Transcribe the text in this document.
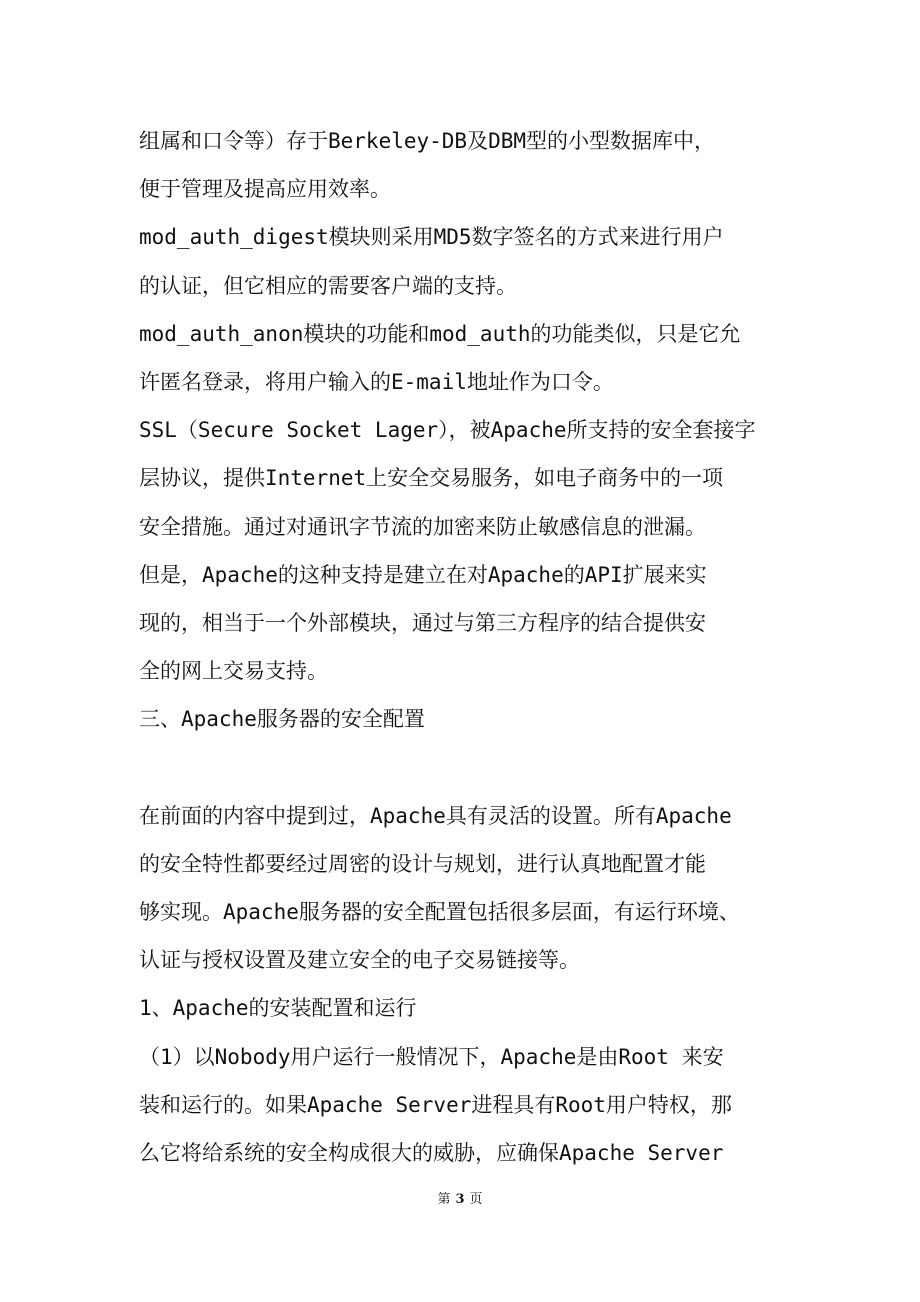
组属和口令等）存于Berkeley-DB及DBM型的小型数据库中，
便于管理及提高应用效率。
mod_auth_digest模块则采用MD5数字签名的方式来进行用户
的认证，但它相应的需要客户端的支持。
mod_auth_anon模块的功能和mod_auth的功能类似，只是它允
许匿名登录，将用户输入的E-mail地址作为口令。
SSL（Secure Socket Lager），被Apache所支持的安全套接字
层协议，提供Internet上安全交易服务，如电子商务中的一项
安全措施。通过对通讯字节流的加密来防止敏感信息的泄漏。
但是，Apache的这种支持是建立在对Apache的API扩展来实
现的，相当于一个外部模块，通过与第三方程序的结合提供安
全的网上交易支持。
三、Apache服务器的安全配置
在前面的内容中提到过，Apache具有灵活的设置。所有Apache
的安全特性都要经过周密的设计与规划，进行认真地配置才能
够实现。Apache服务器的安全配置包括很多层面，有运行环境、
认证与授权设置及建立安全的电子交易链接等。
1、Apache的安装配置和运行
（1）以Nobody用户运行一般情况下，Apache是由Root 来安
装和运行的。如果Apache Server进程具有Root用户特权，那
么它将给系统的安全构成很大的威胁，应确保Apache Server
第 3 页
